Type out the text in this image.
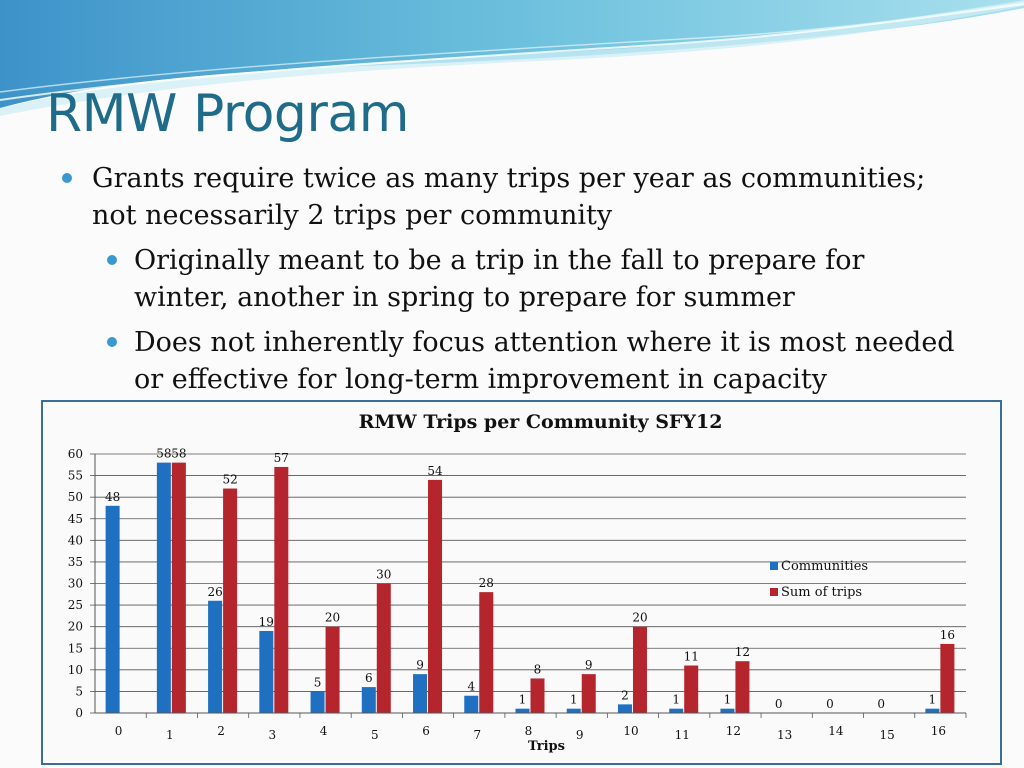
RMW Program

Grants require twice as many trips per year as communities; not necessarily 2 trips per community

Originally meant to be a trip in the fall to prepare for winter, another in spring to prepare for summer

Does not inherently focus attention where it is most needed or effective for long-term improvement in capacity

RMW Trips per Community SFY12
0
5
10
15
20
25
30
35
40
45
50
55
60
48
0
58 58
1
26
52
2
19
57
3
5
20
4
6
30
5
9
54
6
4
28
7
1
8
8
1
9
9
2
20
10
1
11
11
1
12
12
0
13
0
14
0
15
1
16
16
Trips
Communities
Sum of trips
